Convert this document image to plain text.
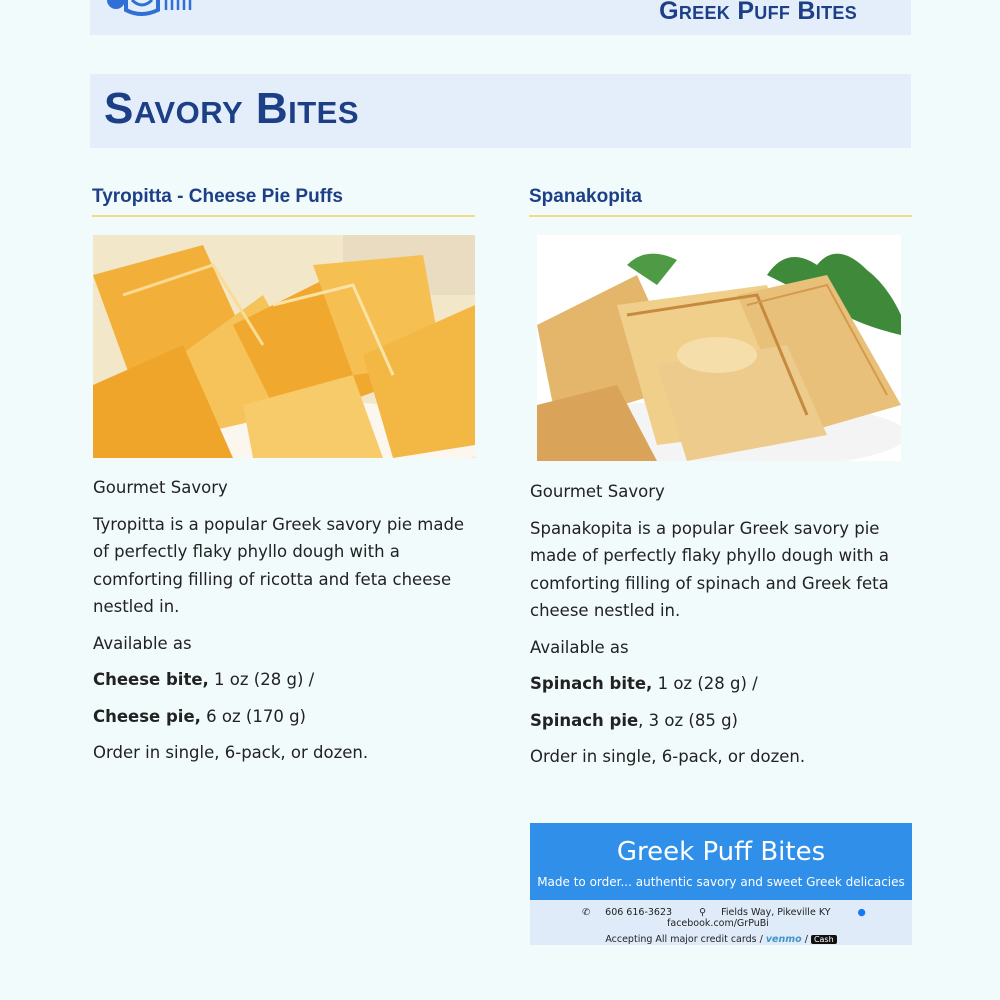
Greek Puff Bites
Savory Bites
Tyropitta - Cheese Pie Puffs

Gourmet Savory

Tyropitta is a popular Greek savory pie made of perfectly flaky phyllo dough with a comforting filling of ricotta and feta cheese nestled in.

Available as

Cheese bite, 1 oz (28 g) /

Cheese pie, 6 oz (170 g)

Order in single, 6-pack, or dozen.

Spanakopita

Gourmet Savory

Spanakopita is a popular Greek savory pie made of perfectly flaky phyllo dough with a comforting filling of spinach and Greek feta cheese nestled in.

Available as

Spinach bite, 1 oz (28 g) /

Spinach pie, 3 oz (85 g)

Order in single, 6-pack, or dozen.

Greek Puff Bites
Made to order... authentic savory and sweet Greek delicacies
✆ 606 616-3623	⚲ Fields Way, Pikeville KY	● facebook.com/GrPuBi
Accepting All major credit cards / venmo / Cash
